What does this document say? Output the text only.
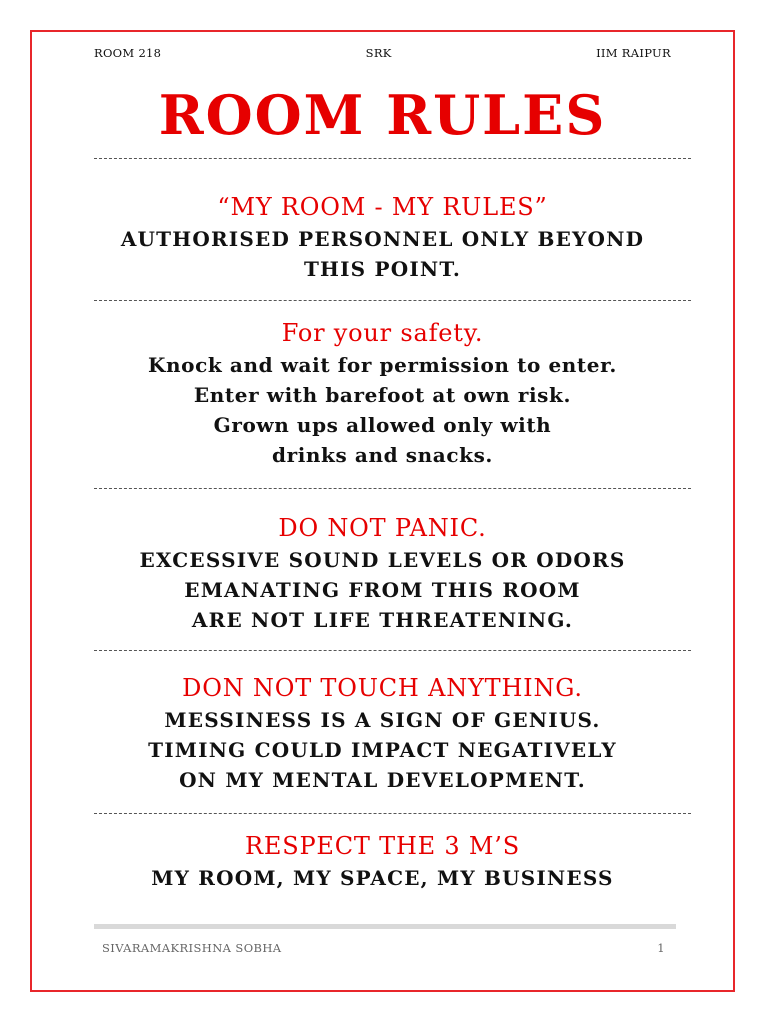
ROOM 218	SRK	IIM RAIPUR
ROOM RULES
“MY ROOM - MY RULES”
AUTHORISED PERSONNEL ONLY BEYOND
THIS POINT.
For your safety.
Knock and wait for permission to enter.
Enter with barefoot at own risk.
Grown ups allowed only with
drinks and snacks.
DO NOT PANIC.
EXCESSIVE SOUND LEVELS OR ODORS
EMANATING FROM THIS ROOM
ARE NOT LIFE THREATENING.
DON NOT TOUCH ANYTHING.
MESSINESS IS A SIGN OF GENIUS.
TIMING COULD IMPACT NEGATIVELY
ON MY MENTAL DEVELOPMENT.
RESPECT THE 3 M’S
MY ROOM, MY SPACE, MY BUSINESS
SIVARAMAKRISHNA SOBHA	1
